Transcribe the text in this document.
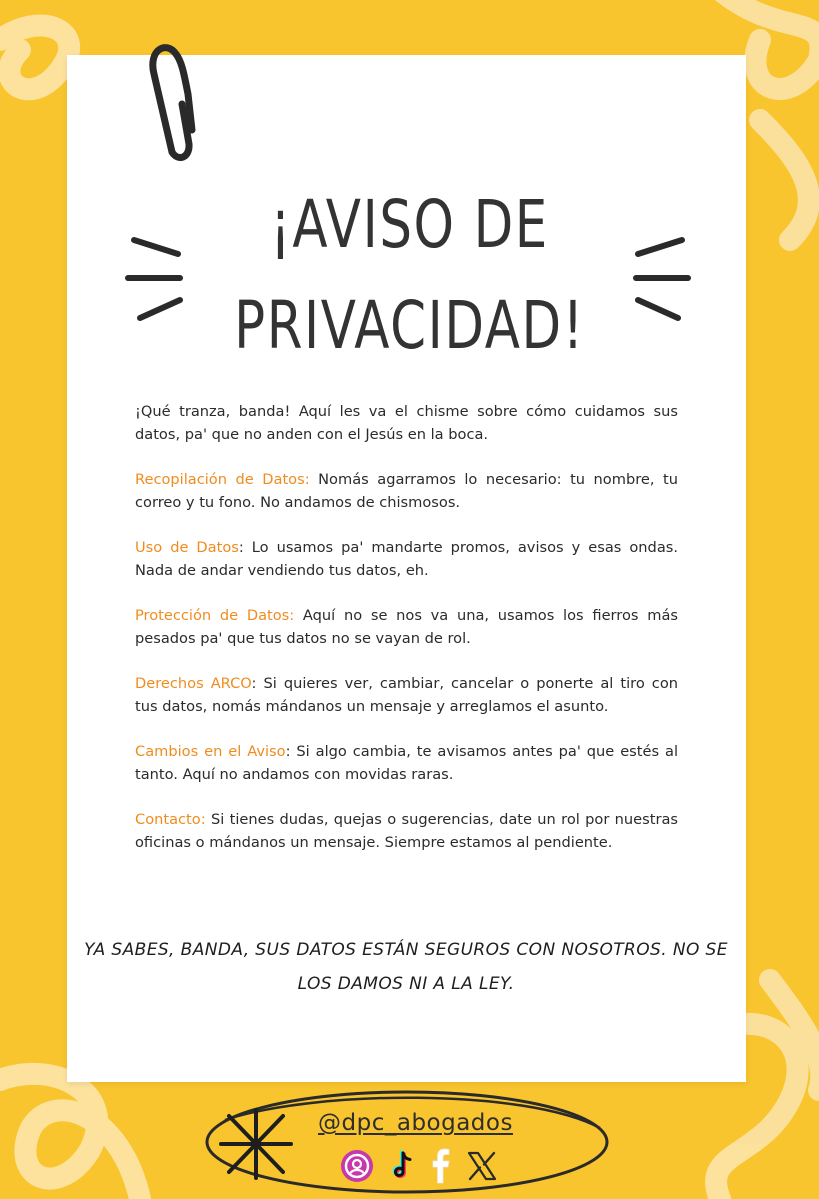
¡AVISO DE
PRIVACIDAD!

¡Qué tranza, banda! Aquí les va el chisme sobre cómo cuidamos sus datos, pa' que no anden con el Jesús en la boca.

Recopilación de Datos: Nomás agarramos lo necesario: tu nombre, tu correo y tu fono. No andamos de chismosos.

Uso de Datos: Lo usamos pa' mandarte promos, avisos y esas ondas. Nada de andar vendiendo tus datos, eh.

Protección de Datos: Aquí no se nos va una, usamos los fierros más pesados pa' que tus datos no se vayan de rol.

Derechos ARCO: Si quieres ver, cambiar, cancelar o ponerte al tiro con tus datos, nomás mándanos un mensaje y arreglamos el asunto.

Cambios en el Aviso: Si algo cambia, te avisamos antes pa' que estés al tanto. Aquí no andamos con movidas raras.

Contacto: Si tienes dudas, quejas o sugerencias, date un rol por nuestras oficinas o mándanos un mensaje. Siempre estamos al pendiente.

YA SABES, BANDA, SUS DATOS ESTÁN SEGUROS CON NOSOTROS. NO SE
LOS DAMOS NI A LA LEY.
@dpc_abogados
